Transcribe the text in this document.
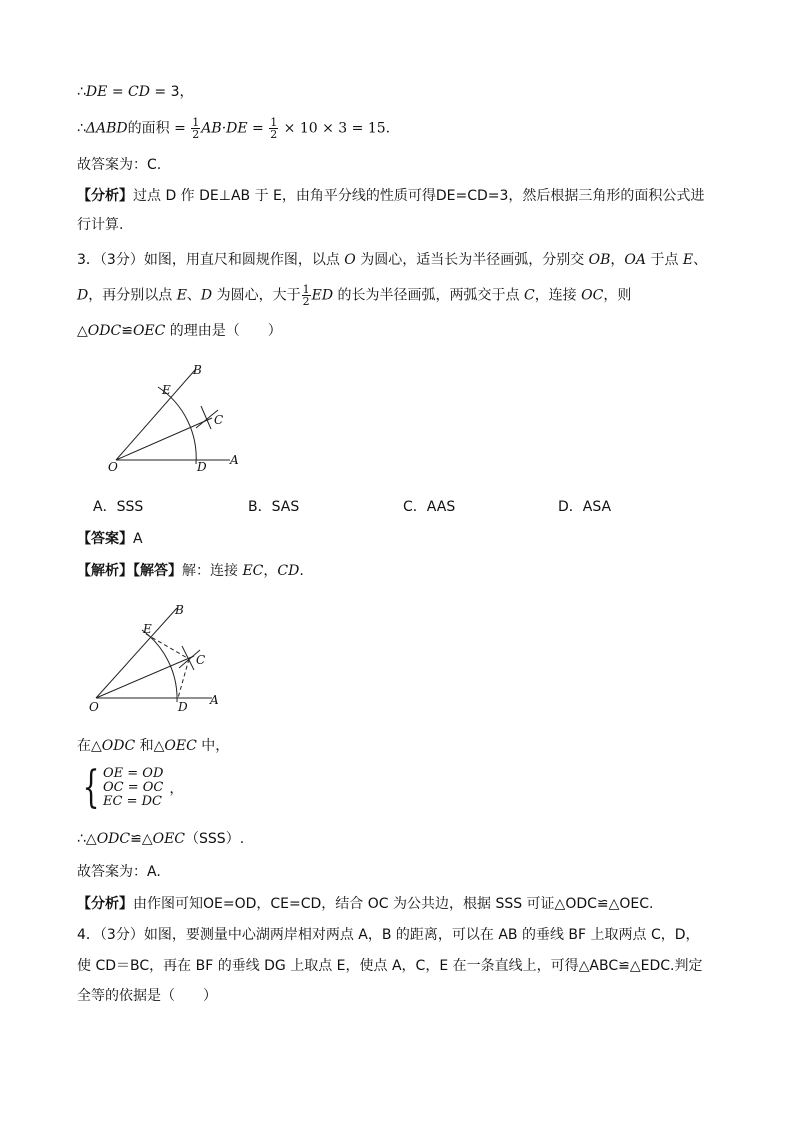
∴DE = CD = 3，
∴ΔABD的面积 = $\frac{1}{2} AB\cdot DE = \frac{1}{2} \times 10 \times 3 = 15$.
故答案为：C.
【分析】过点 D 作 DE⊥AB 于 E，由角平分线的性质可得DE=CD=3，然后根据三角形的面积公式进
行计算.
3．（3分）如图，用直尺和圆规作图，以点 O 为圆心，适当长为半径画弧，分别交 OB，OA 于点 E、
D，再分别以点 E、D 为圆心，大于 $\frac{1}{2}$ ED 的长为半径画弧，两弧交于点 C，连接 OC，则
△ODC≌OEC 的理由是（　　）
B
E
C
O	D A
A．SSS	B．SAS	C．AAS	D．ASA
【答案】A
【解析】【解答】解：连接 EC，CD.
B
E
C
O	D A
在△ODC 和△OEC 中，
{ OE = OD
OC = OC
EC = DC
，
∴△ODC≌△OEC（SSS）.
故答案为：A.
【分析】由作图可知OE=OD，CE=CD，结合 OC 为公共边，根据 SSS 可证△ODC≌△OEC.
4．（3分）如图，要测量中心湖两岸相对两点 A，B 的距离，可以在 AB 的垂线 BF 上取两点 C，D，
使 CD＝BC，再在 BF 的垂线 DG 上取点 E，使点 A，C，E 在一条直线上，可得△ABC≌△EDC.判定
全等的依据是（　　）
